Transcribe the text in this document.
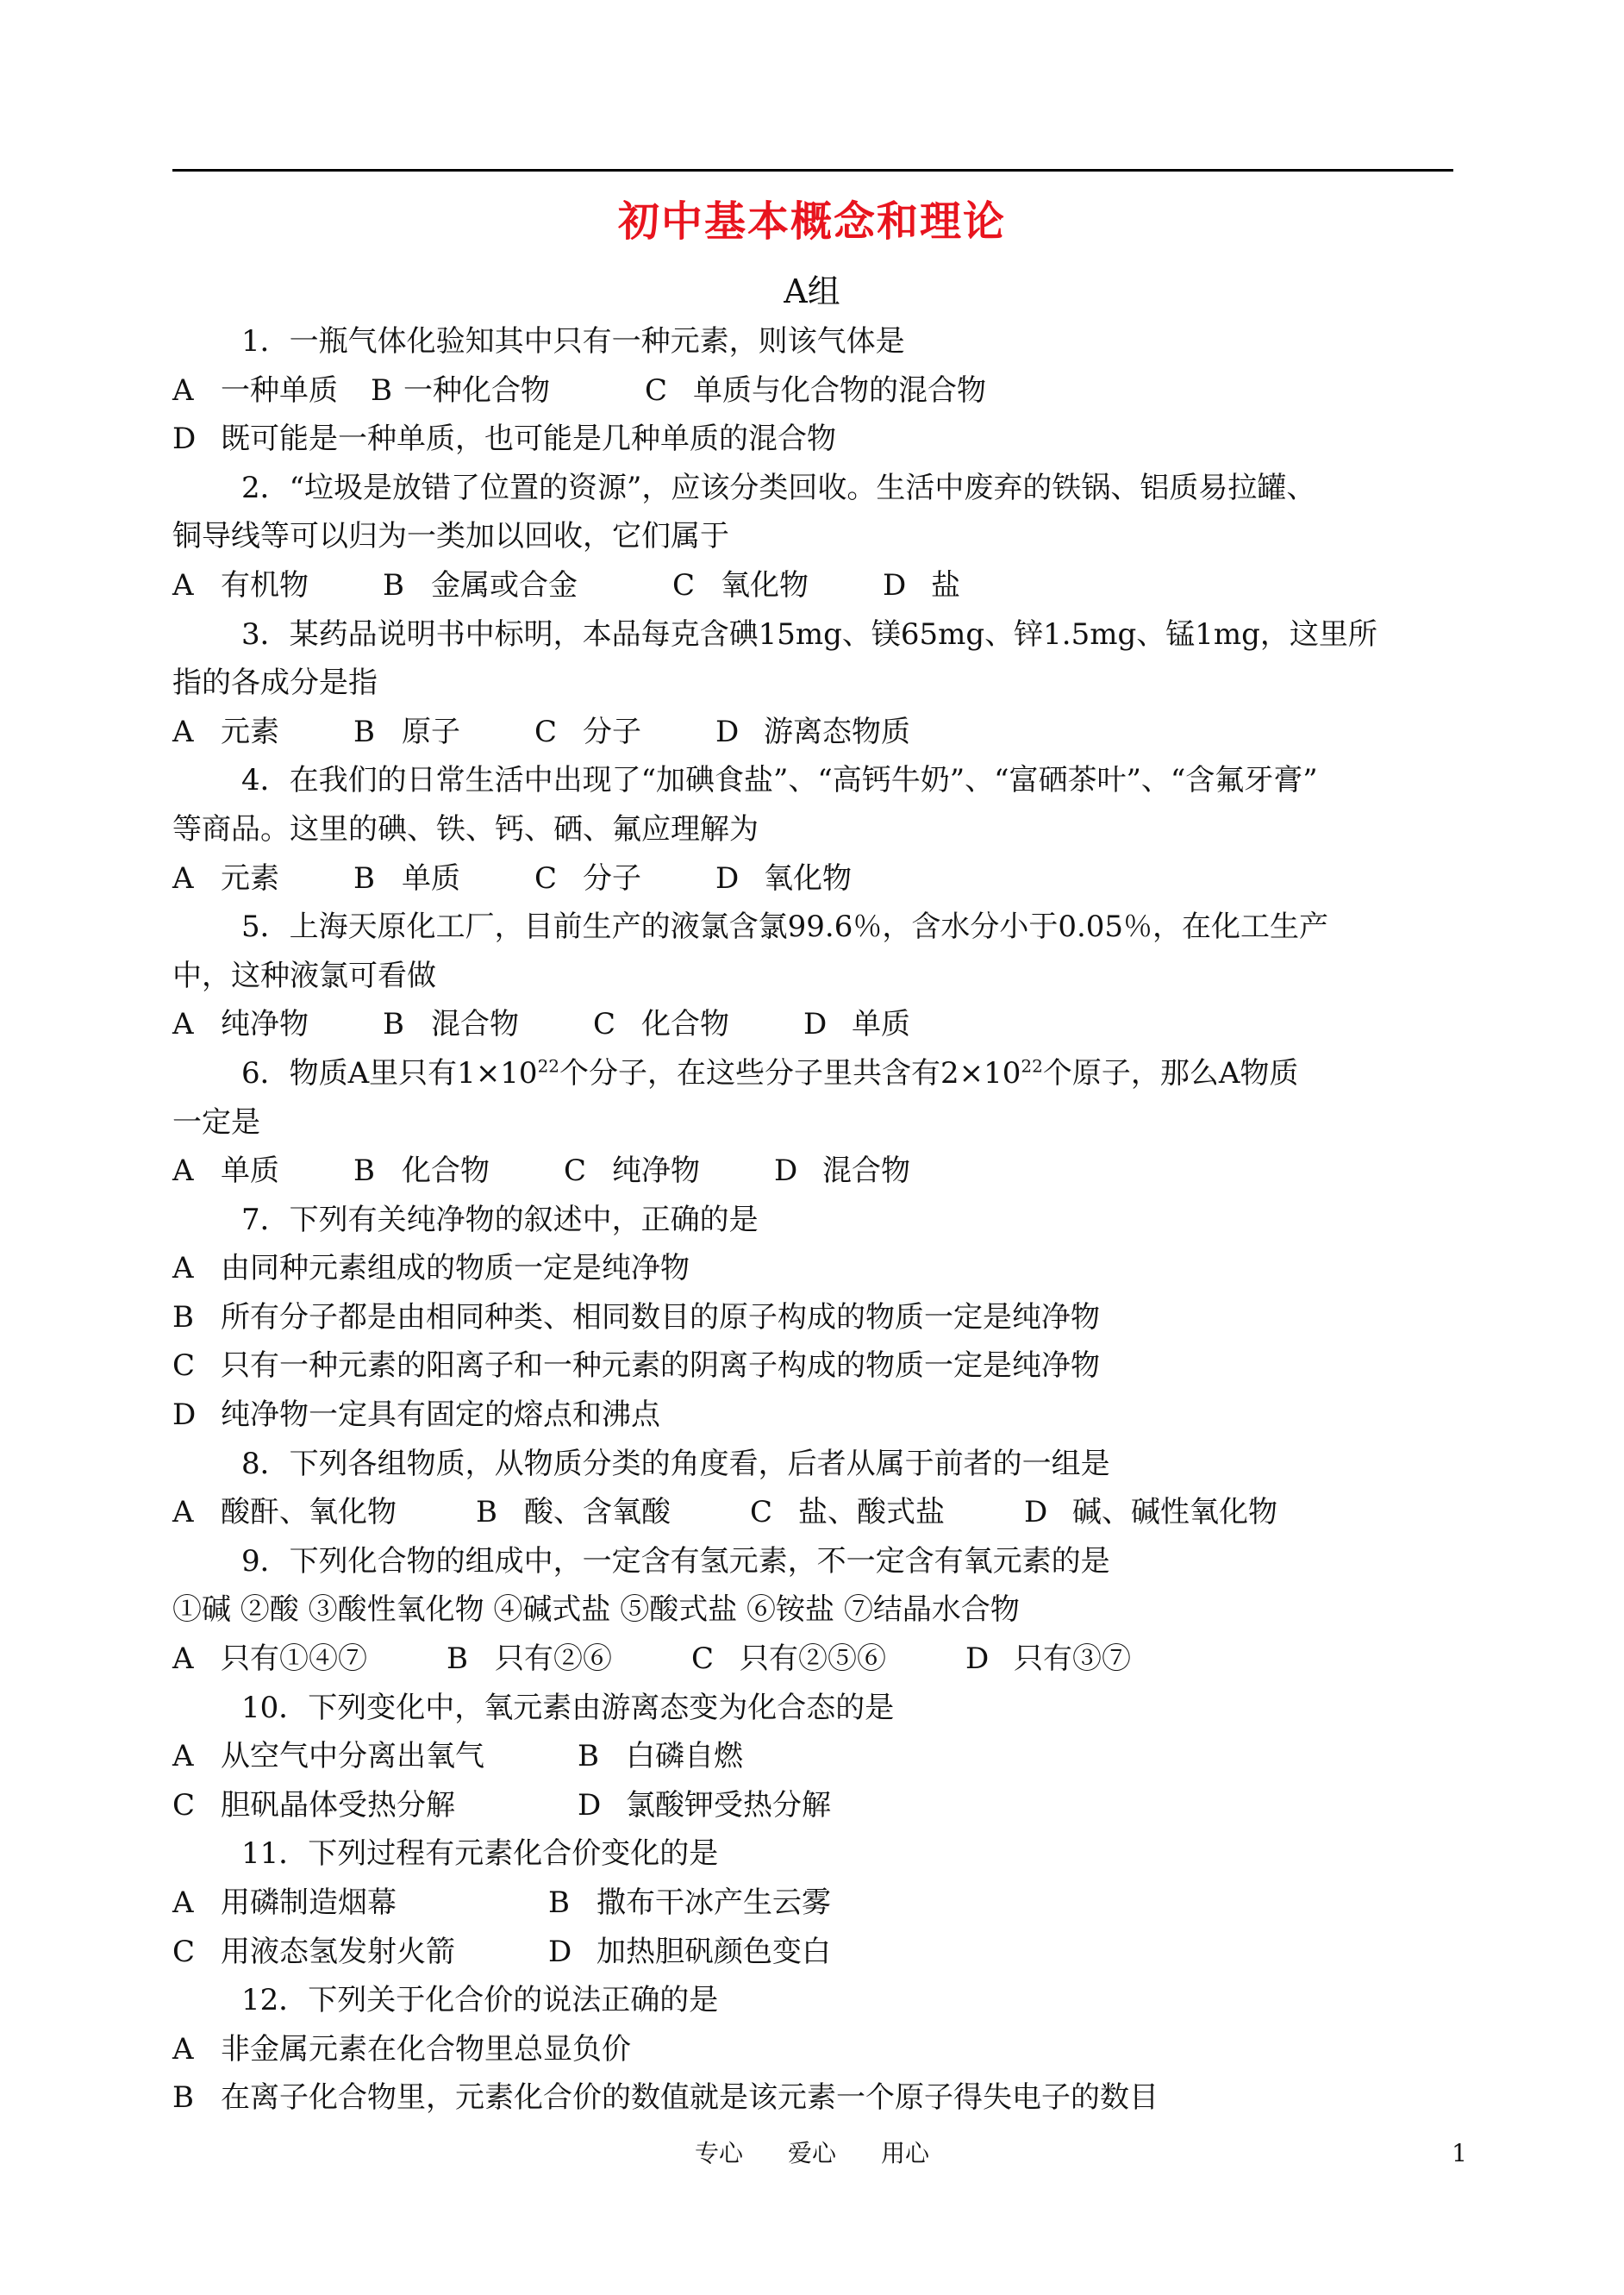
初中基本概念和理论
A组
1．一瓶气体化验知其中只有一种元素，则该气体是
A 一种单质 B 一种化合物	C 单质与化合物的混合物
D 既可能是一种单质，也可能是几种单质的混合物
2．“垃圾是放错了位置的资源”，应该分类回收。生活中废弃的铁锅、铝质易拉罐、
铜导线等可以归为一类加以回收，它们属于
A 有机物	B 金属或合金	C 氧化物	D 盐
3．某药品说明书中标明，本品每克含碘15mg、镁65mg、锌1.5mg、锰1mg，这里所
指的各成分是指
A 元素	B 原子	C 分子	D 游离态物质
4．在我们的日常生活中出现了“加碘食盐”、“高钙牛奶”、“富硒茶叶”、“含氟牙膏”
等商品。这里的碘、铁、钙、硒、氟应理解为
A 元素	B 单质	C 分子	D 氧化物
5．上海天原化工厂，目前生产的液氯含氯99.6％，含水分小于0.05％，在化工生产
中，这种液氯可看做
A 纯净物	B 混合物	C 化合物	D 单质
6．物质A里只有$1\times 10^{22}$个分子，在这些分子里共含有$2\times 10^{22}$个原子，那么A物质
一定是
A 单质	B 化合物	C 纯净物	D 混合物
7．下列有关纯净物的叙述中，正确的是
A 由同种元素组成的物质一定是纯净物
B 所有分子都是由相同种类、相同数目的原子构成的物质一定是纯净物
C 只有一种元素的阳离子和一种元素的阴离子构成的物质一定是纯净物
D 纯净物一定具有固定的熔点和沸点
8．下列各组物质，从物质分类的角度看，后者从属于前者的一组是
A 酸酐、氧化物	B 酸、含氧酸	C 盐、酸式盐	D 碱、碱性氧化物
9．下列化合物的组成中，一定含有氢元素，不一定含有氧元素的是
①碱 ②酸 ③酸性氧化物 ④碱式盐 ⑤酸式盐 ⑥铵盐 ⑦结晶水合物
A 只有①④⑦	B 只有②⑥	C 只有②⑤⑥	D 只有③⑦
10．下列变化中，氧元素由游离态变为化合态的是
A 从空气中分离出氧气	B 白磷自燃
C 胆矾晶体受热分解	D 氯酸钾受热分解
11．下列过程有元素化合价变化的是
A 用磷制造烟幕	B 撒布干冰产生云雾
C 用液态氢发射火箭	D 加热胆矾颜色变白
12．下列关于化合价的说法正确的是
A 非金属元素在化合物里总显负价
B 在离子化合物里，元素化合价的数值就是该元素一个原子得失电子的数目
专心 爱心 用心	1
